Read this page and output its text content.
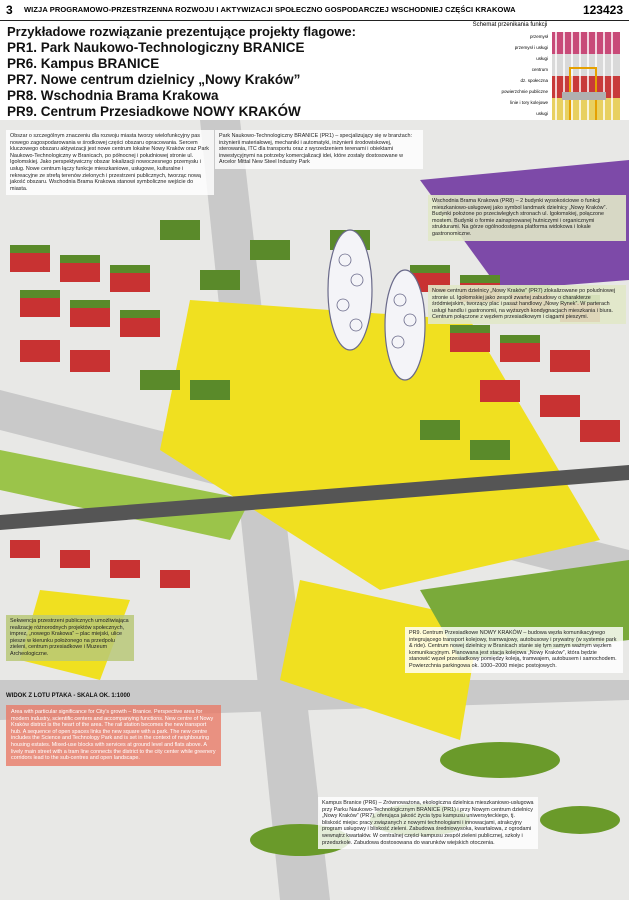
3 WIZJA PROGRAMOWO-PRZESTRZENNA ROZWOJU I AKTYWIZACJI SPOŁECZNO GOSPODARCZEJ WSCHODNIEJ CZĘŚCI KRAKOWA	123423
Przykładowe rozwiązanie prezentujące projekty flagowe:
PR1. Park Naukowo-Technologiczny BRANICE
PR6. Kampus BRANICE
PR7. Nowe centrum dzielnicy „Nowy Kraków”
PR8. Wschodnia Brama Krakowa
PR9. Centrum Przesiadkowe NOWY KRAKÓW
Schemat przenikania funkcji
przemysł
przemysł i usługi
usługi
centrum
dz. społeczna
powierzchnie publiczne
linie i tory kolejowe
usługi
Obszar o szczególnym znaczeniu dla rozwoju miasta tworzy wielofunkcyjny pas nowego zagospodarowania w środkowej części obszaru opracowania. Sercem kluczowego obszaru aktywizacji jest nowe centrum lokalne Nowy Kraków oraz Park Naukowo-Technologiczny w Branicach, po północnej i południowej stronie ul. Igołomskiej. Jako perspektywiczny obszar lokalizacji nowoczesnego przemysłu i usług. Nowe centrum łączy funkcje mieszkaniowe, usługowe, kulturalne i rekreacyjne ze strefą terenów zielonych i przestrzeni publicznych, tworząc nową jakość obszaru. Wschodnia Brama Krakowa stanowi symboliczne wejście do miasta.
Park Naukowo-Technologiczny BRANICE (PR1) – specjalizujący się w branżach: inżynierii materiałowej, mechaniki i automatyki, inżynierii środowiskowej, sterowania, ITC dla transportu oraz z wyrzedzeniem terenami i obiektami inwestycyjnymi na potrzeby komercjalizacji idei, które zostały dostosowane w Arcelor Mittal New Steel Industry Park
Wschodnia Brama Krakowa (PR8) – 2 budynki wysokościowe o funkcji mieszkaniowo-usługowej jako symbol landmark dzielnicy „Nowy Kraków”. Budynki położone po przeciwległych stronach ul. Igołomskiej, połączone mostem. Budynki o formie zainspirowanej hutniczymi i organicznymi strukturami. Na górze ogólnodostępna platforma widokowa i lokale gastronomiczne.
Nowe centrum dzielnicy „Nowy Kraków” (PR7) zlokalizowane po południowej stronie ul. Igołomskiej jako zespół zwartej zabudowy o charakterze śródmiejskim, tworzący plac i pasaż handlowy „Nowy Rynek”. W parterach usługi handlu i gastronomii, na wyższych kondygnacjach mieszkania i biura. Centrum połączone z węzłem przesiadkowym i ciągami pieszymi.
Sekwencja przestrzeni publicznych umożliwiająca realizację różnorodnych projektów społecznych, imprez, „nowego Krakowa” – plac miejski, ulice piesze w kierunku położonego na przedpolu zieleni, centrum przesiadkowe i Muzeum Archeologiczne.
PR9. Centrum Przesiadkowe NOWY KRAKÓW – budowa węzła komunikacyjnego integrującego transport kolejowy, tramwajowy, autobusowy i prywatny (w systemie park & ride). Centrum nowej dzielnicy w Branicach stanie się tym samym ważnym węzłem komunikacyjnym. Planowana jest stacja kolejowa „Nowy Kraków”, która będzie stanowić węzeł przesiadkowy pomiędzy koleją, tramwajem, autobusem i samochodem. Powierzchnia parkingowa ok. 1000–2000 miejsc postojowych.
WIDOK Z LOTU PTAKA - SKALA OK. 1:1000
Area with particular significance for City's growth – Branice. Perspective area for modern industry, scientific centers and accompanying functions. New centre of Nowy Kraków district is the heart of the area. The rail station becomes the new transport hub. A sequence of open spaces links the new square with a park. The new centre includes the Science and Technology Park and is set in the context of neighbouring housing estates. Mixed-use blocks with services at ground level and flats above. A lively main street with a tram line connects the district to the city center while greenery corridors lead to the sub-centres and open landscape.
Kampus Branice (PR6) – Zrównoważona, ekologiczna dzielnica mieszkaniowo-usługowa przy Parku Naukowo-Technologicznym BRANICE (PR1) i przy Nowym centrum dzielnicy „Nowy Kraków” (PR7), oferująca jakość życia typu kampusu uniwersyteckiego, tj. bliskość miejsc pracy związanych z nowymi technologiami i innowacjami, atrakcyjny program usługowy i bliskość zieleni. Zabudowa średniowysoka, kwartałowa, z ogrodami wewnątrz kwartałów. W centralnej części kampusu zespół zieleni publicznej, szkoły i przedszkole. Zabudowa dostosowana do warunków wiejskich otoczenia.
